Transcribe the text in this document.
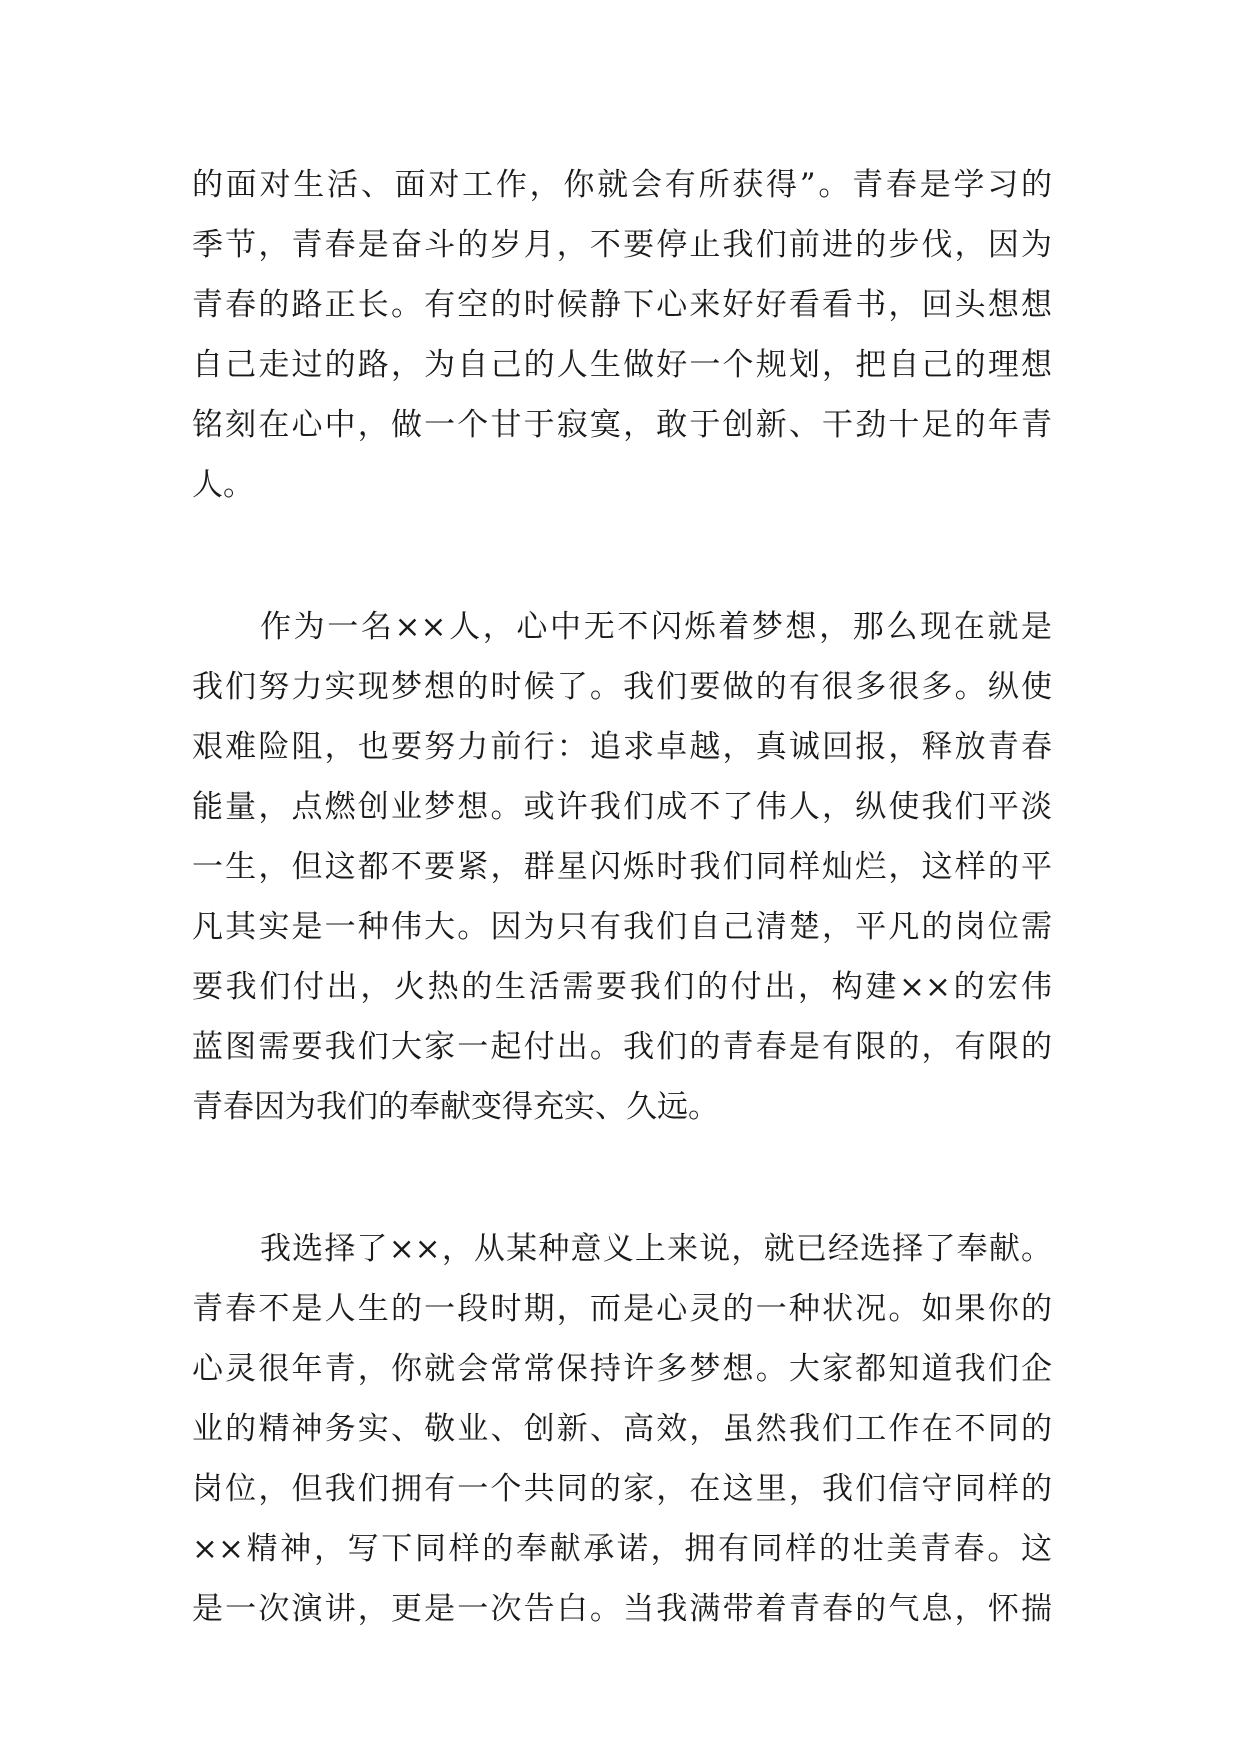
的面对生活、面对工作，你就会有所获得”。青春是学习的
季节，青春是奋斗的岁月，不要停止我们前进的步伐，因为
青春的路正长。有空的时候静下心来好好看看书，回头想想
自己走过的路，为自己的人生做好一个规划，把自己的理想
铭刻在心中，做一个甘于寂寞，敢于创新、干劲十足的年青
人。
作为一名××人，心中无不闪烁着梦想，那么现在就是
我们努力实现梦想的时候了。我们要做的有很多很多。纵使
艰难险阻，也要努力前行：追求卓越，真诚回报，释放青春
能量，点燃创业梦想。或许我们成不了伟人，纵使我们平淡
一生，但这都不要紧，群星闪烁时我们同样灿烂，这样的平
凡其实是一种伟大。因为只有我们自己清楚，平凡的岗位需
要我们付出，火热的生活需要我们的付出，构建××的宏伟
蓝图需要我们大家一起付出。我们的青春是有限的，有限的
青春因为我们的奉献变得充实、久远。
我选择了××，从某种意义上来说，就已经选择了奉献。
青春不是人生的一段时期，而是心灵的一种状况。如果你的
心灵很年青，你就会常常保持许多梦想。大家都知道我们企
业的精神务实、敬业、创新、高效，虽然我们工作在不同的
岗位，但我们拥有一个共同的家，在这里，我们信守同样的
××精神，写下同样的奉献承诺，拥有同样的壮美青春。这
是一次演讲，更是一次告白。当我满带着青春的气息，怀揣
